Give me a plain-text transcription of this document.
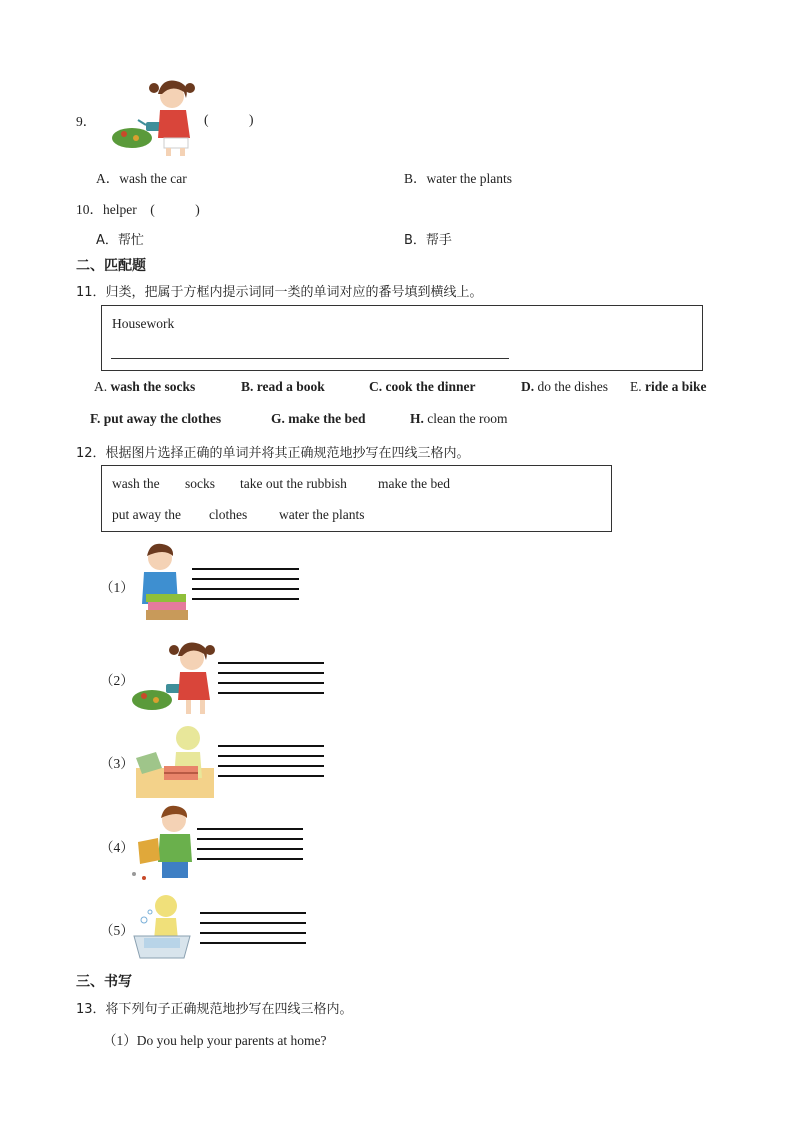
9．	(　　　)
A．wash the car	B．water the plants
10．helper　(　　　)
A．帮忙	B．帮手
二、匹配题
11．归类，把属于方框内提示词同一类的单词对应的番号填到横线上。
Housework
A. wash the socks	B. read a book	C. cook the dinner	D. do the dishes E. ride a bike
F. put away the clothes	G. make the bed	H. clean the room
12．根据图片选择正确的单词并将其正确规范地抄写在四线三格内。
wash the socks take out the rubbish make the bed
put away the clothes water the plants
（1）
（2）
（3）
（4）
（5）
三、书写
13．将下列句子正确规范地抄写在四线三格内。
（1）Do you help your parents at home?
